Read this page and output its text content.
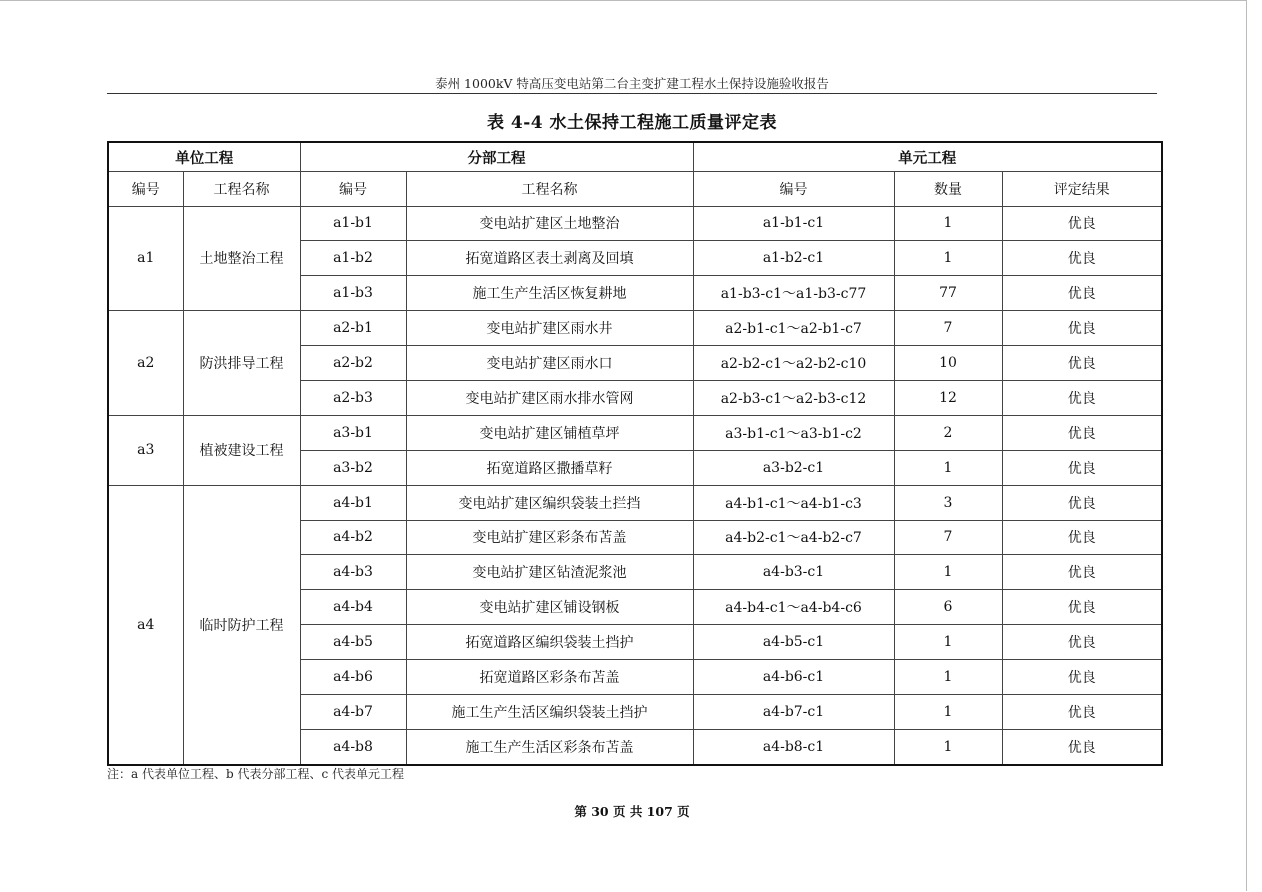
泰州 1000kV 特高压变电站第二台主变扩建工程水土保持设施验收报告
表 4-4 水土保持工程施工质量评定表
单位工程		分部工程		单元工程		
编号	工程名称	编号	工程名称	编号	数量	评定结果
a1	土地整治工程	a1-b1	变电站扩建区土地整治	a1-b1-c1	1	优良
		a1-b2	拓宽道路区表土剥离及回填	a1-b2-c1	1	优良
		a1-b3	施工生产生活区恢复耕地	a1-b3-c1～a1-b3-c77	77	优良
a2	防洪排导工程	a2-b1	变电站扩建区雨水井	a2-b1-c1～a2-b1-c7	7	优良
		a2-b2	变电站扩建区雨水口	a2-b2-c1～a2-b2-c10	10	优良
		a2-b3	变电站扩建区雨水排水管网	a2-b3-c1～a2-b3-c12	12	优良
a3	植被建设工程	a3-b1	变电站扩建区铺植草坪	a3-b1-c1～a3-b1-c2	2	优良
		a3-b2	拓宽道路区撒播草籽	a3-b2-c1	1	优良
a4	临时防护工程	a4-b1	变电站扩建区编织袋装土拦挡	a4-b1-c1～a4-b1-c3	3	优良
		a4-b2	变电站扩建区彩条布苫盖	a4-b2-c1～a4-b2-c7	7	优良
		a4-b3	变电站扩建区钻渣泥浆池	a4-b3-c1	1	优良
		a4-b4	变电站扩建区铺设钢板	a4-b4-c1～a4-b4-c6	6	优良
		a4-b5	拓宽道路区编织袋装土挡护	a4-b5-c1	1	优良
		a4-b6	拓宽道路区彩条布苫盖	a4-b6-c1	1	优良
		a4-b7	施工生产生活区编织袋装土挡护	a4-b7-c1	1	优良
		a4-b8	施工生产生活区彩条布苫盖	a4-b8-c1	1	优良
注：a 代表单位工程、b 代表分部工程、c 代表单元工程
第 30 页 共 107 页
